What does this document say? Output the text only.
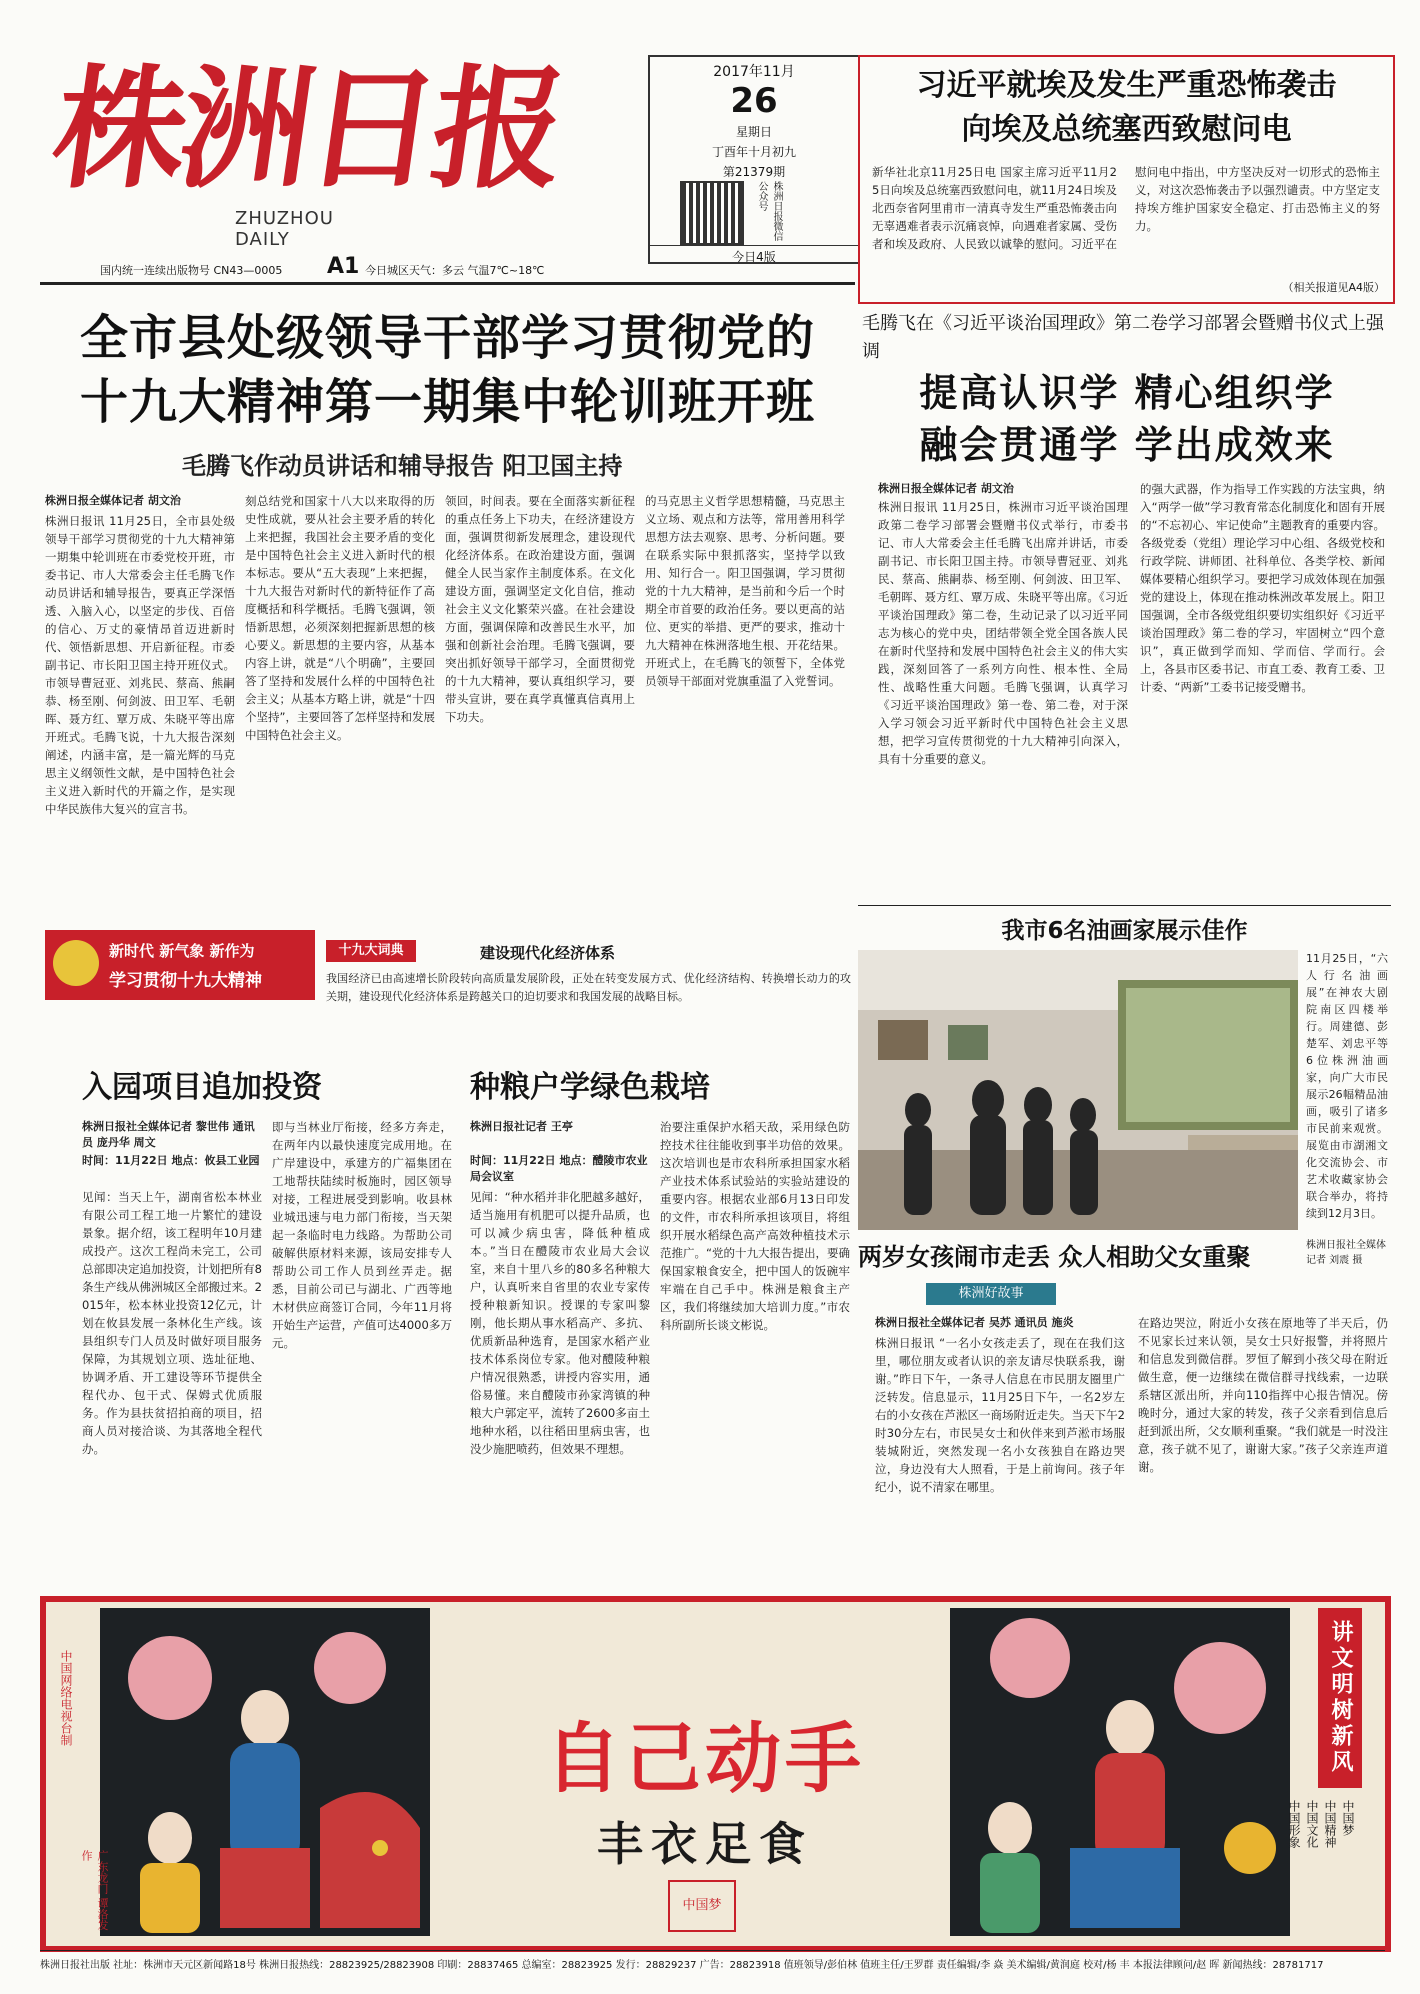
株洲日报
ZHUZHOU DAILY
2017年11月
26
星期日
丁酉年十月初九
第21379期
株洲日报微信公众号
今日4版
国内统一连续出版物号 CN43—0005 A1 今日城区天气：多云 气温7℃~18℃
习近平就埃及发生严重恐怖袭击
向埃及总统塞西致慰问电
新华社北京11月25日电 国家主席习近平11月25日向埃及总统塞西致慰问电，就11月24日埃及北西奈省阿里甫市一清真寺发生严重恐怖袭击向无辜遇难者表示沉痛哀悼，向遇难者家属、受伤者和埃及政府、人民致以诚挚的慰问。习近平在慰问电中指出，中方坚决反对一切形式的恐怖主义，对这次恐怖袭击予以强烈谴责。中方坚定支持埃方维护国家安全稳定、打击恐怖主义的努力。
（相关报道见A4版）
全市县处级领导干部学习贯彻党的
十九大精神第一期集中轮训班开班
毛腾飞作动员讲话和辅导报告 阳卫国主持
株洲日报全媒体记者 胡文治
株洲日报讯 11月25日，全市县处级领导干部学习贯彻党的十九大精神第一期集中轮训班在市委党校开班，市委书记、市人大常委会主任毛腾飞作动员讲话和辅导报告，要真正学深悟透、入脑入心，以坚定的步伐、百倍的信心、万丈的豪情昂首迈进新时代、领悟新思想、开启新征程。市委副书记、市长阳卫国主持开班仪式。市领导曹冠亚、刘兆民、蔡高、熊嗣恭、杨至刚、何剑波、田卫军、毛朝晖、聂方红、覃万成、朱晓平等出席开班式。毛腾飞说，十九大报告深刻阐述，内涵丰富，是一篇光辉的马克思主义纲领性文献，是中国特色社会主义进入新时代的开篇之作，是实现中华民族伟大复兴的宣言书。
刻总结党和国家十八大以来取得的历史性成就，要从社会主要矛盾的转化上来把握，我国社会主要矛盾的变化是中国特色社会主义进入新时代的根本标志。要从“五大表现”上来把握，十九大报告对新时代的新特征作了高度概括和科学概括。毛腾飞强调，领悟新思想，必须深刻把握新思想的核心要义。新思想的主要内容，从基本内容上讲，就是“八个明确”，主要回答了坚持和发展什么样的中国特色社会主义；从基本方略上讲，就是“十四个坚持”，主要回答了怎样坚持和发展中国特色社会主义。
领回，时间表。要在全面落实新征程的重点任务上下功夫，在经济建设方面，强调贯彻新发展理念，建设现代化经济体系。在政治建设方面，强调健全人民当家作主制度体系。在文化建设方面，强调坚定文化自信，推动社会主义文化繁荣兴盛。在社会建设方面，强调保障和改善民生水平，加强和创新社会治理。毛腾飞强调，要突出抓好领导干部学习，全面贯彻党的十九大精神，要认真组织学习，要带头宣讲，要在真学真懂真信真用上下功夫。
的马克思主义哲学思想精髓，马克思主义立场、观点和方法等，常用善用科学思想方法去观察、思考、分析问题。要在联系实际中狠抓落实，坚持学以致用、知行合一。阳卫国强调，学习贯彻党的十九大精神，是当前和今后一个时期全市首要的政治任务。要以更高的站位、更实的举措、更严的要求，推动十九大精神在株洲落地生根、开花结果。开班式上，在毛腾飞的领誓下，全体党员领导干部面对党旗重温了入党誓词。
毛腾飞在《习近平谈治国理政》第二卷学习部署会暨赠书仪式上强调
提高认识学 精心组织学
融会贯通学 学出成效来
株洲日报全媒体记者 胡文治
株洲日报讯 11月25日，株洲市习近平谈治国理政第二卷学习部署会暨赠书仪式举行，市委书记、市人大常委会主任毛腾飞出席并讲话，市委副书记、市长阳卫国主持。市领导曹冠亚、刘兆民、蔡高、熊嗣恭、杨至刚、何剑波、田卫军、毛朝晖、聂方红、覃万成、朱晓平等出席。《习近平谈治国理政》第二卷，生动记录了以习近平同志为核心的党中央，团结带领全党全国各族人民在新时代坚持和发展中国特色社会主义的伟大实践，深刻回答了一系列方向性、根本性、全局性、战略性重大问题。毛腾飞强调，认真学习《习近平谈治国理政》第一卷、第二卷，对于深入学习领会习近平新时代中国特色社会主义思想，把学习宣传贯彻党的十九大精神引向深入，具有十分重要的意义。
的强大武器，作为指导工作实践的方法宝典，纳入“两学一做”学习教育常态化制度化和固有开展的“不忘初心、牢记使命”主题教育的重要内容。各级党委（党组）理论学习中心组、各级党校和行政学院、讲师团、社科单位、各类学校、新闻媒体要精心组织学习。要把学习成效体现在加强党的建设上，体现在推动株洲改革发展上。阳卫国强调，全市各级党组织要切实组织好《习近平谈治国理政》第二卷的学习，牢固树立“四个意识”，真正做到学而知、学而信、学而行。会上，各县市区委书记、市直工委、教育工委、卫计委、“两新”工委书记接受赠书。
我市6名油画家展示佳作
11月25日，“六人行名油画展”在神农大剧院南区四楼举行。周建德、彭楚军、刘忠平等6位株洲油画家，向广大市民展示26幅精品油画，吸引了诸多市民前来观赏。展览由市湖湘文化交流协会、市艺术收藏家协会联合举办，将持续到12月3日。
株洲日报社全媒体记者 刘震 摄
两岁女孩闹市走丢 众人相助父女重聚
株洲好故事
株洲日报社全媒体记者 吴苏 通讯员 施炎
株洲日报讯 “一名小女孩走丢了，现在在我们这里，哪位朋友或者认识的亲友请尽快联系我，谢谢。”昨日下午，一条寻人信息在市民朋友圈里广泛转发。信息显示，11月25日下午，一名2岁左右的小女孩在芦淞区一商场附近走失。当天下午2时30分左右，市民吴女士和伙伴来到芦淞市场服装城附近，突然发现一名小女孩独自在路边哭泣，身边没有大人照看，于是上前询问。孩子年纪小，说不清家在哪里。
在路边哭泣，附近小女孩在原地等了半天后，仍不见家长过来认领，吴女士只好报警，并将照片和信息发到微信群。罗恒了解到小孩父母在附近做生意，便一边继续在微信群寻找线索，一边联系辖区派出所，并向110指挥中心报告情况。傍晚时分，通过大家的转发，孩子父亲看到信息后赶到派出所，父女顺利重聚。“我们就是一时没注意，孩子就不见了，谢谢大家。”孩子父亲连声道谢。
新时代 新气象 新作为
学习贯彻十九大精神
十九大词典	建设现代化经济体系
我国经济已由高速增长阶段转向高质量发展阶段，正处在转变发展方式、优化经济结构、转换增长动力的攻关期，建设现代化经济体系是跨越关口的迫切要求和我国发展的战略目标。
入园项目追加投资
株洲日报社全媒体记者 黎世伟 通讯员 庞丹华 周文
时间：11月22日 地点：攸县工业园
见闻：当天上午，湖南省松本林业有限公司工程工地一片繁忙的建设景象。据介绍，该工程明年10月建成投产。这次工程尚未完工，公司总部即决定追加投资，计划把所有8条生产线从佛洲城区全部搬过来。2015年，松本林业投资12亿元，计划在攸县发展一条林化生产线。该县组织专门人员及时做好项目服务保障，为其规划立项、选址征地、协调矛盾、开工建设等环节提供全程代办、包干式、保姆式优质服务。作为县扶贫招拍商的项目，招商人员对接洽谈、为其落地全程代办。
即与当林业厅衔接，经多方奔走，在两年内以最快速度完成用地。在广岸建设中，承建方的广福集团在工地帮扶陆续时板施时，园区领导对接，工程进展受到影响。收县林业城迅速与电力部门衔接，当天架起一条临时电力线路。为帮助公司破解供原材料来源，该局安排专人帮助公司工作人员到丝弄走。据悉，目前公司已与湖北、广西等地木材供应商签订合同，今年11月将开始生产运营，产值可达4000多万元。
种粮户学绿色栽培
株洲日报社记者 王亭
时间：11月22日 地点：醴陵市农业局会议室
见闻：“种水稻并非化肥越多越好，适当施用有机肥可以提升品质，也可以减少病虫害，降低种植成本。”当日在醴陵市农业局大会议室，来自十里八乡的80多名种粮大户，认真听来自省里的农业专家传授种粮新知识。授课的专家叫黎刚，他长期从事水稻高产、多抗、优质新品种选育，是国家水稻产业技术体系岗位专家。他对醴陵种粮户情况很熟悉，讲授内容实用，通俗易懂。来自醴陵市孙家湾镇的种粮大户郭定平，流转了2600多亩土地种水稻，以往稻田里病虫害，也没少施肥喷药，但效果不理想。
治要注重保护水稻天敌，采用绿色防控技术往往能收到事半功倍的效果。这次培训也是市农科所承担国家水稻产业技术体系试验站的实验站建设的重要内容。根据农业部6月13日印发的文件，市农科所承担该项目，将组织开展水稻绿色高产高效种植技术示范推广。“党的十九大报告提出，要确保国家粮食安全，把中国人的饭碗牢牢端在自己手中。株洲是粮食主产区，我们将继续加大培训力度。”市农科所副所长谈文彬说。
自己动手
丰衣足食
中国梦
中国网络电视台制
广东龙门 谭洛发作
讲文明树新风
中国梦
中国精神
中国文化
中国形象
株洲日报社出版 社址：株洲市天元区新闻路18号 株洲日报热线：28823925/28823908 印刷：28837465 总编室：28823925 发行：28829237 广告：28823918 值班领导/彭伯林 值班主任/王罗群 责任编辑/李 焱 美术编辑/黄润庭 校对/杨 丰 本报法律顾问/赵 晖 新闻热线：28781717
